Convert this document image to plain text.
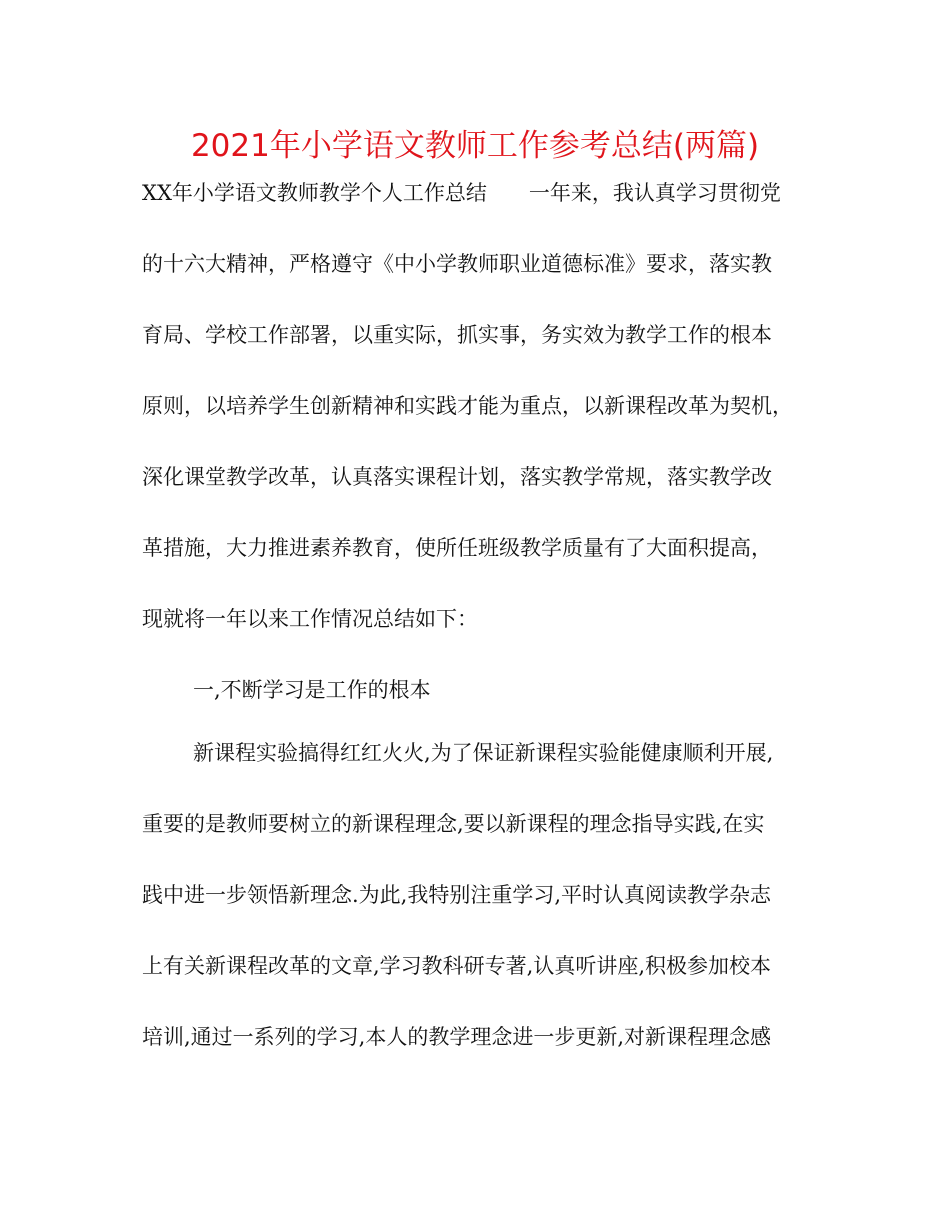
2021年小学语文教师工作参考总结(两篇)
XX年小学语文教师教学个人工作总结　　一年来，我认真学习贯彻党
的十六大精神，严格遵守《中小学教师职业道德标准》要求，落实教
育局、学校工作部署，以重实际，抓实事，务实效为教学工作的根本
原则，以培养学生创新精神和实践才能为重点，以新课程改革为契机，
深化课堂教学改革，认真落实课程计划，落实教学常规，落实教学改
革措施，大力推进素养教育，使所任班级教学质量有了大面积提高，
现就将一年以来工作情况总结如下：
一,不断学习是工作的根本
新课程实验搞得红红火火,为了保证新课程实验能健康顺利开展,
重要的是教师要树立的新课程理念,要以新课程的理念指导实践,在实
践中进一步领悟新理念.为此,我特别注重学习,平时认真阅读教学杂志
上有关新课程改革的文章,学习教科研专著,认真听讲座,积极参加校本
培训,通过一系列的学习,本人的教学理念进一步更新,对新课程理念感
